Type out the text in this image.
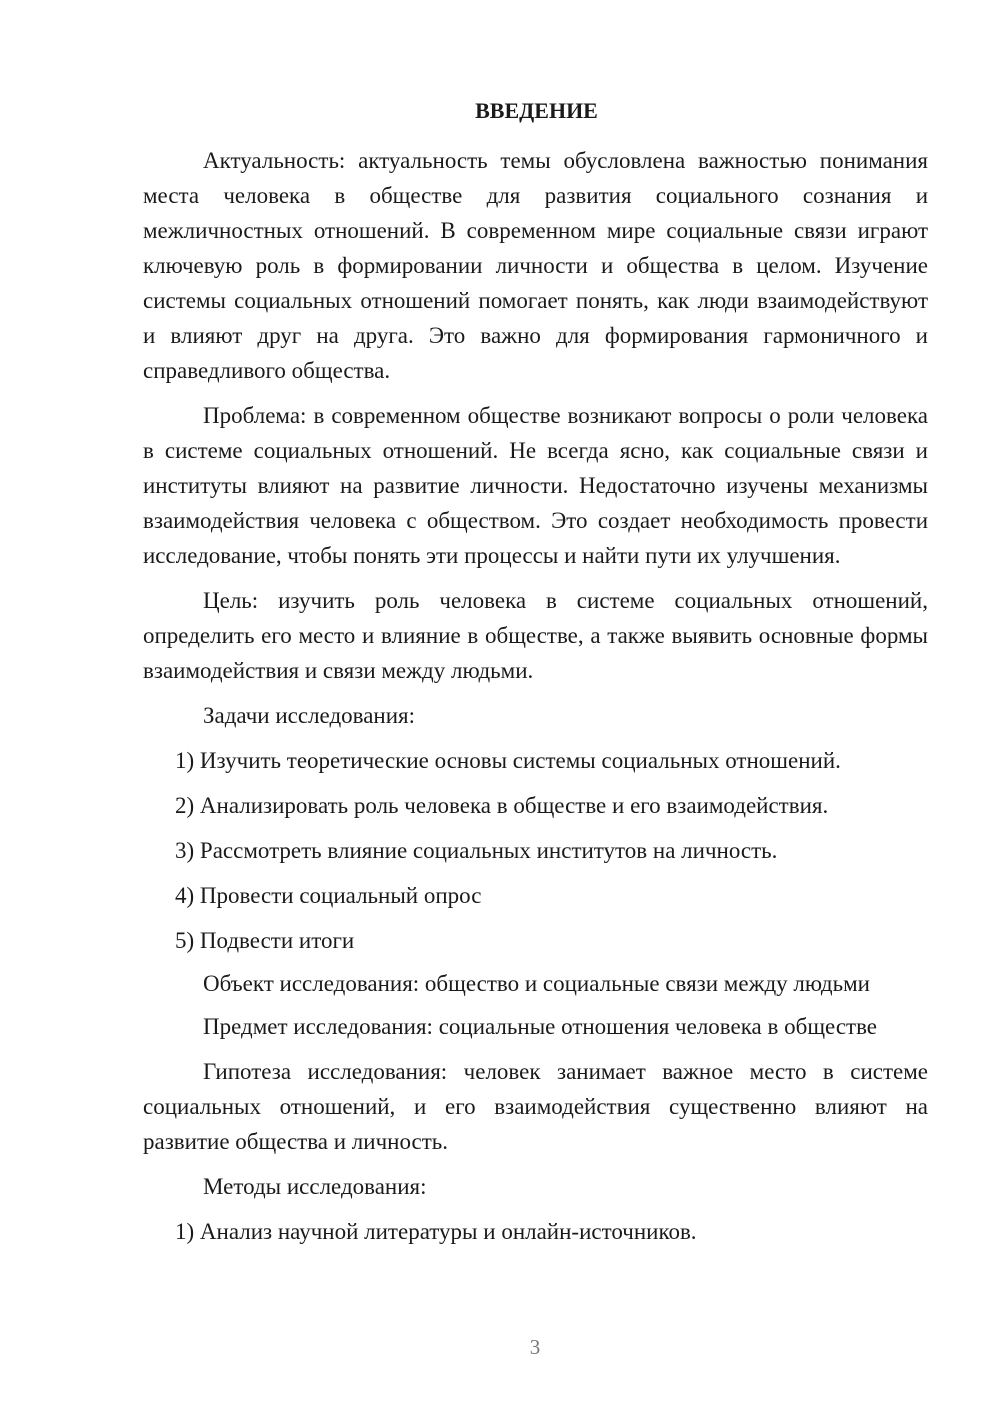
ВВЕДЕНИЕ

Актуальность: актуальность темы обусловлена важностью понимания места человека в обществе для развития социального сознания и межличностных отношений. В современном мире социальные связи играют ключевую роль в формировании личности и общества в целом. Изучение системы социальных отношений помогает понять, как люди взаимодействуют и влияют друг на друга. Это важно для формирования гармоничного и справедливого общества.

Проблема: в современном обществе возникают вопросы о роли человека в системе социальных отношений. Не всегда ясно, как социальные связи и институты влияют на развитие личности. Недостаточно изучены механизмы взаимодействия человека с обществом. Это создает необходимость провести исследование, чтобы понять эти процессы и найти пути их улучшения.

Цель: изучить роль человека в системе социальных отношений, определить его место и влияние в обществе, а также выявить основные формы взаимодействия и связи между людьми.

Задачи исследования:

1) Изучить теоретические основы системы социальных отношений.
2) Анализировать роль человека в обществе и его взаимодействия.
3) Рассмотреть влияние социальных институтов на личность.
4) Провести социальный опрос
5) Подвести итоги

Объект исследования: общество и социальные связи между людьми

Предмет исследования: социальные отношения человека в обществе

Гипотеза исследования: человек занимает важное место в системе социальных отношений, и его взаимодействия существенно влияют на развитие общества и личность.

Методы исследования:

1) Анализ научной литературы и онлайн-источников.
3
